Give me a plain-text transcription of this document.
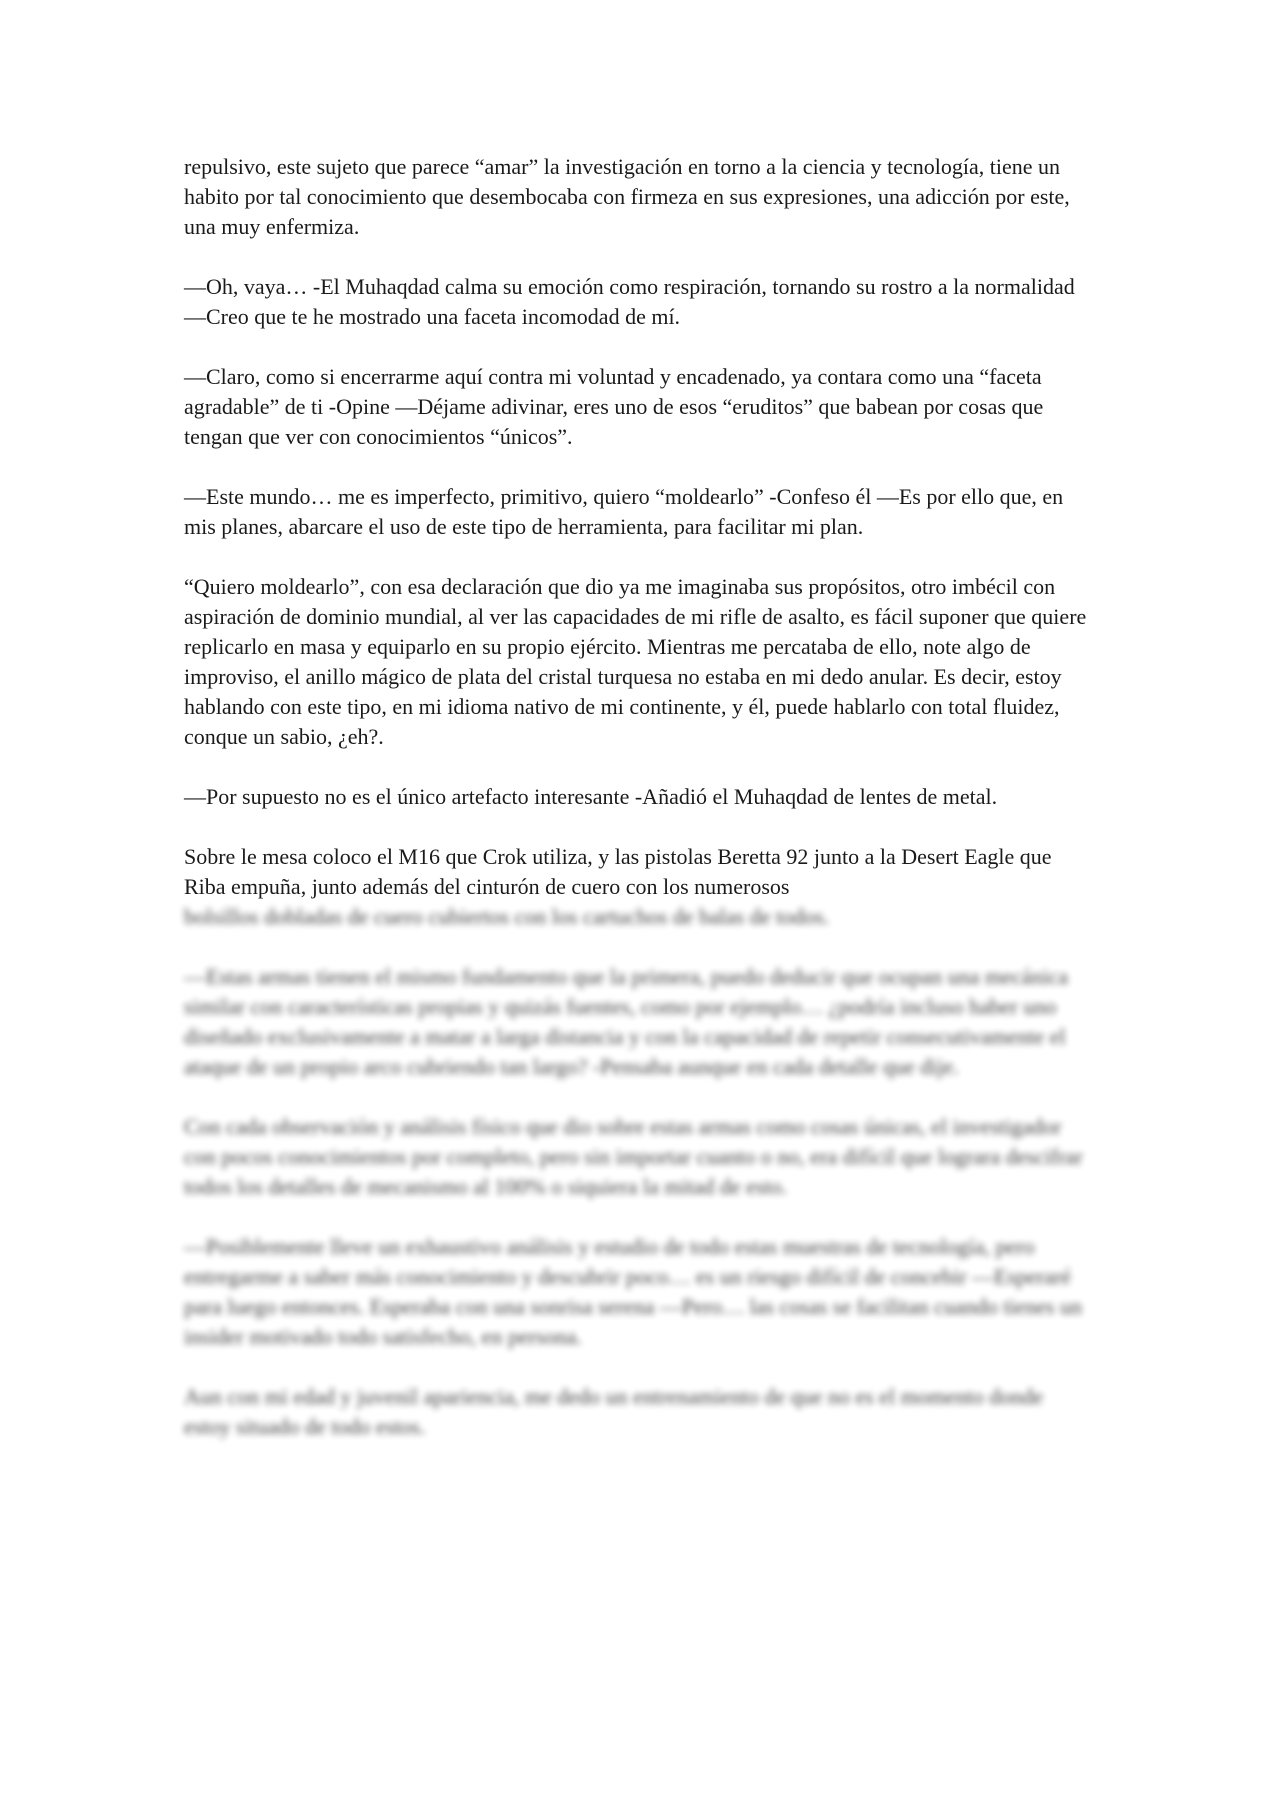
repulsivo, este sujeto que parece “amar” la investigación en torno a la ciencia y tecnología, tiene un habito por tal conocimiento que desembocaba con firmeza en sus expresiones, una adicción por este, una muy enfermiza.

—Oh, vaya… -El Muhaqdad calma su emoción como respiración, tornando su rostro a la normalidad —Creo que te he mostrado una faceta incomodad de mí.

—Claro, como si encerrarme aquí contra mi voluntad y encadenado, ya contara como una “faceta agradable” de ti -Opine —Déjame adivinar, eres uno de esos “eruditos” que babean por cosas que tengan que ver con conocimientos “únicos”.

—Este mundo… me es imperfecto, primitivo, quiero “moldearlo” -Confeso él —Es por ello que, en mis planes, abarcare el uso de este tipo de herramienta, para facilitar mi plan.

“Quiero moldearlo”, con esa declaración que dio ya me imaginaba sus propósitos, otro imbécil con aspiración de dominio mundial, al ver las capacidades de mi rifle de asalto, es fácil suponer que quiere replicarlo en masa y equiparlo en su propio ejército. Mientras me percataba de ello, note algo de improviso, el anillo mágico de plata del cristal turquesa no estaba en mi dedo anular. Es decir, estoy hablando con este tipo, en mi idioma nativo de mi continente, y él, puede hablarlo con total fluidez, conque un sabio, ¿eh?.

—Por supuesto no es el único artefacto interesante -Añadió el Muhaqdad de lentes de metal.

Sobre le mesa coloco el M16 que Crok utiliza, y las pistolas Beretta 92 junto a la Desert Eagle que Riba empuña, junto además del cinturón de cuero con los numerosos
bolsillos dobladas de cuero cubiertos con los cartuchos de balas de todos.

—Estas armas tienen el mismo fundamento que la primera, puedo deducir que ocupan una mecánica similar con características propias y quizás fuentes, como por ejemplo… ¿podría incluso haber uno diseñado exclusivamente a matar a larga distancia y con la capacidad de repetir consecutivamente el ataque de un propio arco cubriendo tan largo? -Pensaba aunque en cada detalle que dije.

Con cada observación y análisis físico que dio sobre estas armas como cosas únicas, el investigador con pocos conocimientos por completo, pero sin importar cuanto o no, era difícil que lograra descifrar todos los detalles de mecanismo al 100% o siquiera la mitad de esto.

—Posiblemente lleve un exhaustivo análisis y estudio de todo estas muestras de tecnología, pero entregarme a saber más conocimiento y descubrir poco… es un riesgo difícil de concebir —Esperaré para luego entonces. Esperaba con una sonrisa serena —Pero… las cosas se facilitan cuando tienes un insider motivado todo satisfecho, en persona.

Aun con mi edad y juvenil apariencia, me dedo un entrenamiento de que no es el momento donde estoy situado de todo estos.
